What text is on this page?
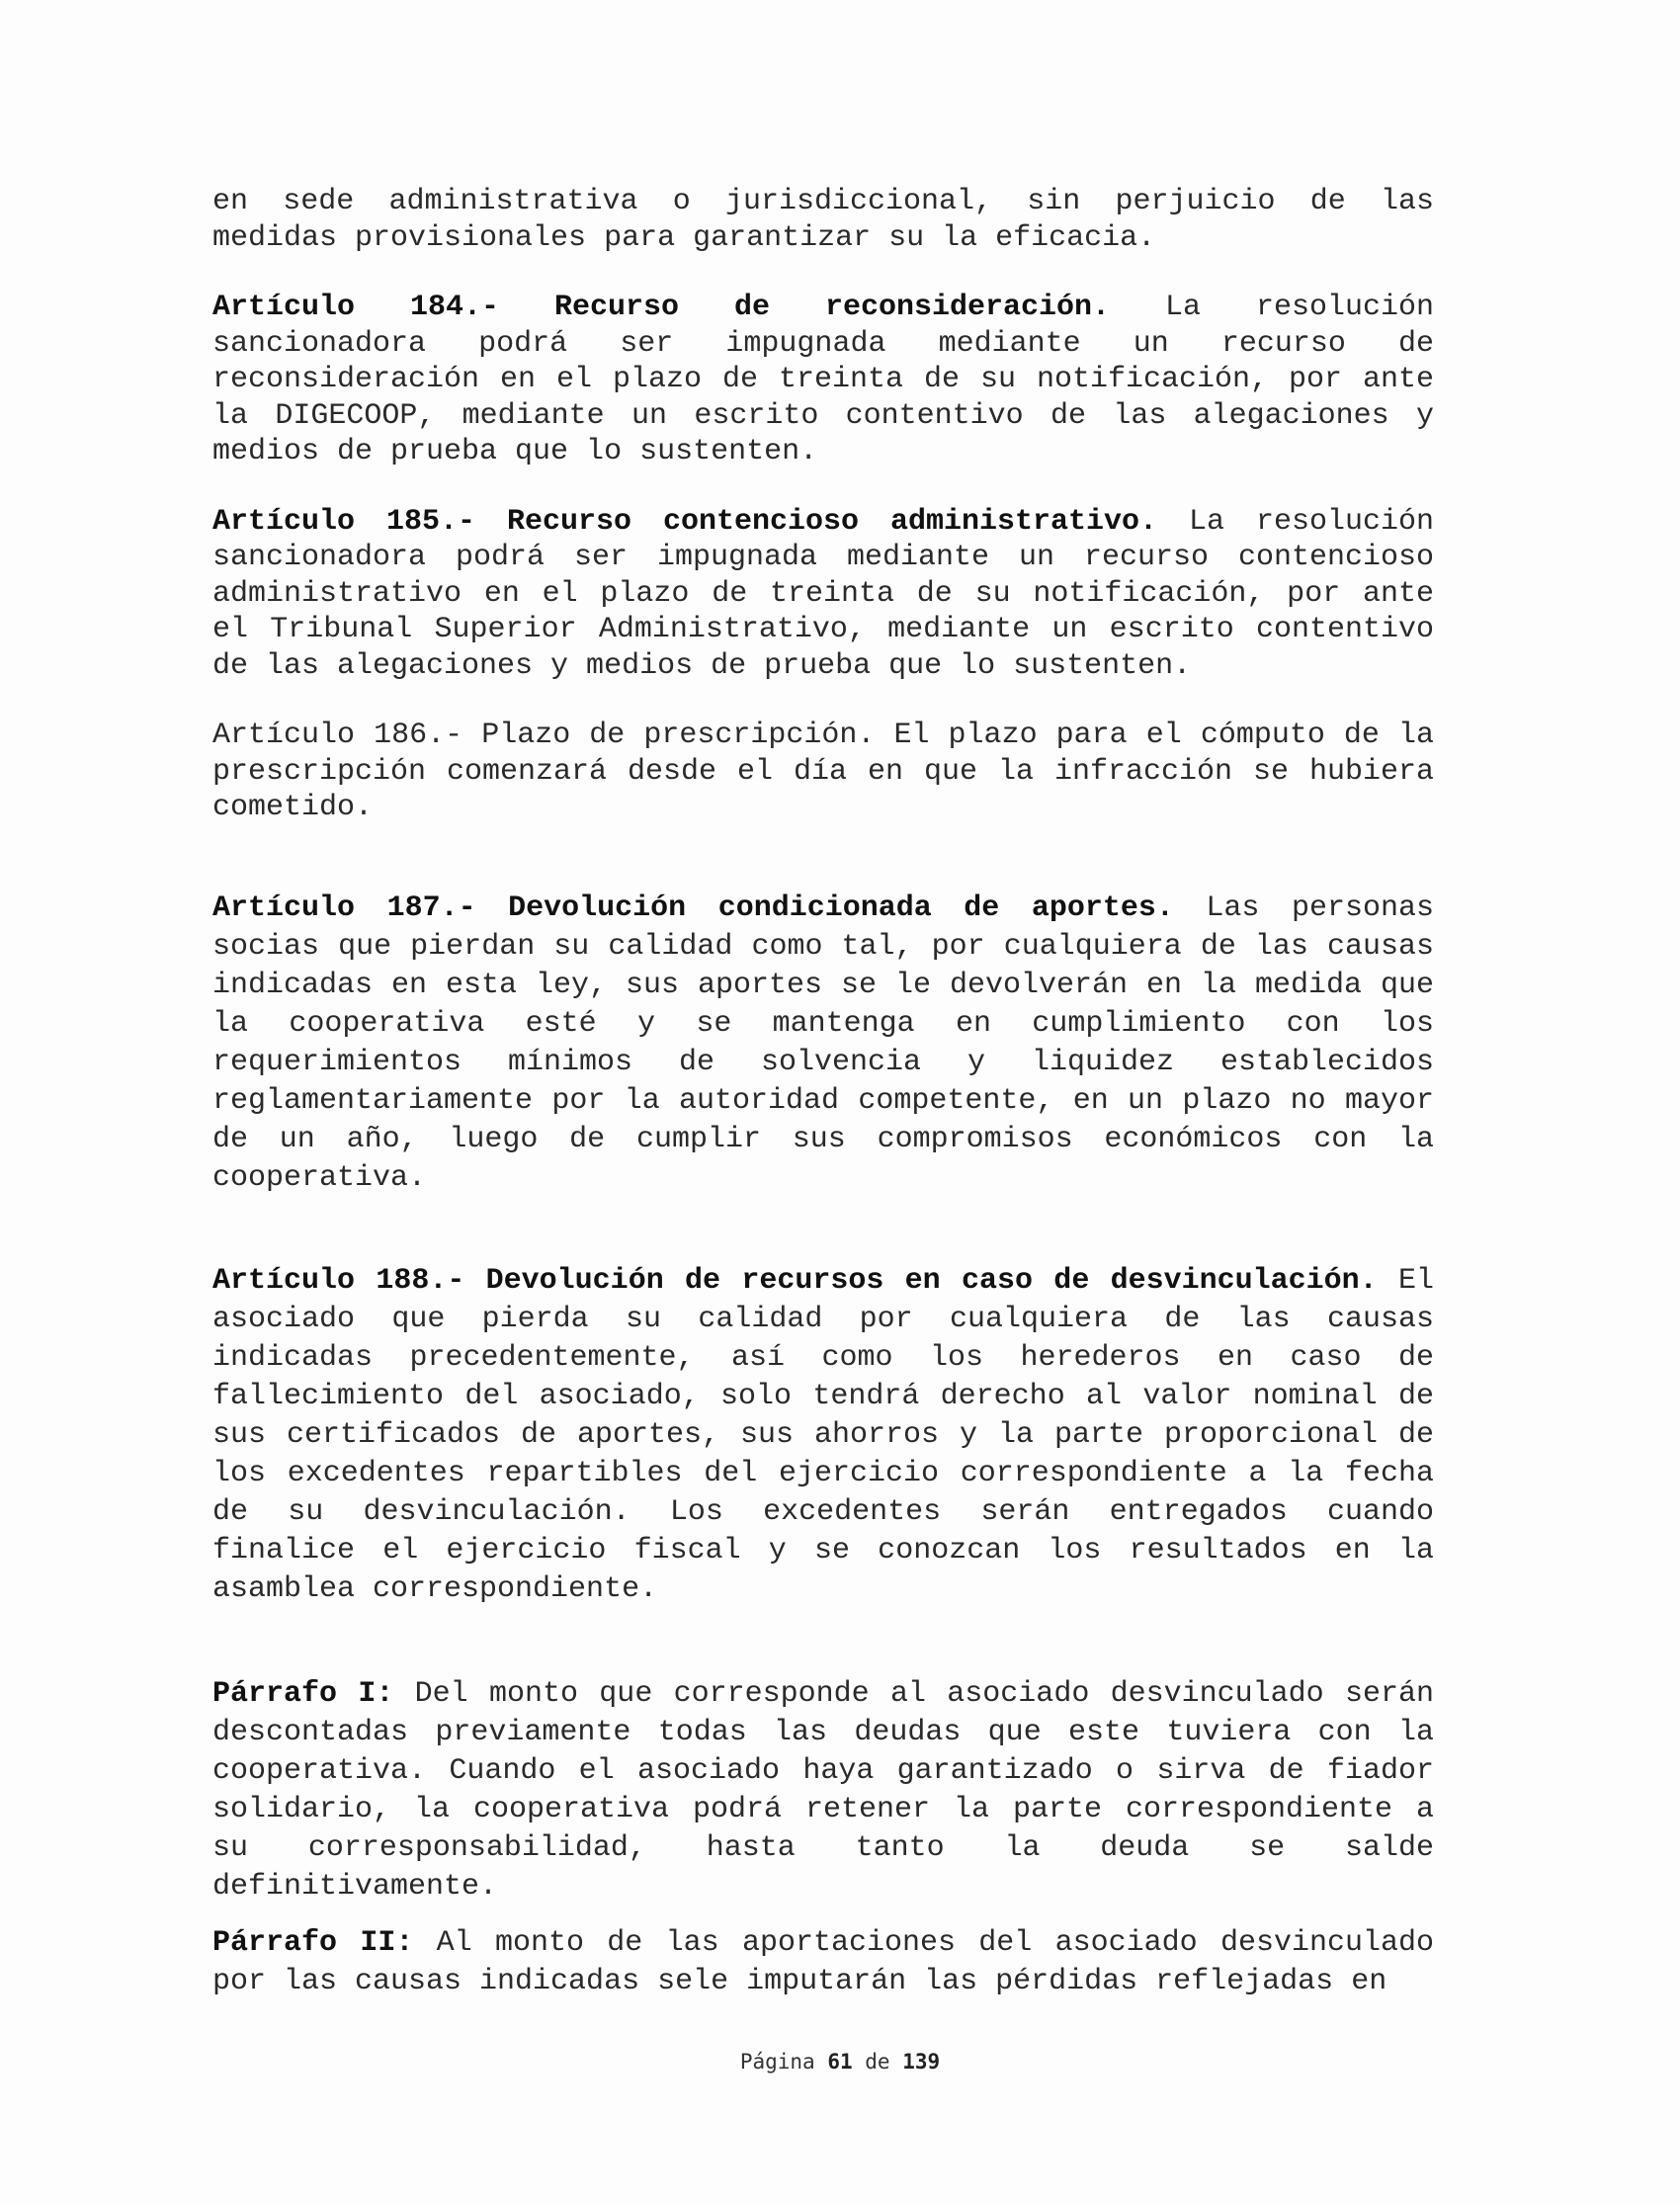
en sede administrativa o jurisdiccional, sin perjuicio de las medidas provisionales para garantizar su la eficacia.

Artículo 184.- Recurso de reconsideración. La resolución sancionadora podrá ser impugnada mediante un recurso de reconsideración en el plazo de treinta de su notificación, por ante la DIGECOOP, mediante un escrito contentivo de las alegaciones y medios de prueba que lo sustenten.

Artículo 185.- Recurso contencioso administrativo. La resolución sancionadora podrá ser impugnada mediante un recurso contencioso administrativo en el plazo de treinta de su notificación, por ante el Tribunal Superior Administrativo, mediante un escrito contentivo de las alegaciones y medios de prueba que lo sustenten.

Artículo 186.- Plazo de prescripción. El plazo para el cómputo de la prescripción comenzará desde el día en que la infracción se hubiera cometido.

Artículo 187.- Devolución condicionada de aportes. Las personas socias que pierdan su calidad como tal, por cualquiera de las causas indicadas en esta ley, sus aportes se le devolverán en la medida que la cooperativa esté y se mantenga en cumplimiento con los requerimientos mínimos de solvencia y liquidez establecidos reglamentariamente por la autoridad competente, en un plazo no mayor de un año, luego de cumplir sus compromisos económicos con la cooperativa.

Artículo 188.- Devolución de recursos en caso de desvinculación. El asociado que pierda su calidad por cualquiera de las causas indicadas precedentemente, así como los herederos en caso de fallecimiento del asociado, solo tendrá derecho al valor nominal de sus certificados de aportes, sus ahorros y la parte proporcional de los excedentes repartibles del ejercicio correspondiente a la fecha de su desvinculación. Los excedentes serán entregados cuando finalice el ejercicio fiscal y se conozcan los resultados en la asamblea correspondiente.

Párrafo I: Del monto que corresponde al asociado desvinculado serán descontadas previamente todas las deudas que este tuviera con la cooperativa. Cuando el asociado haya garantizado o sirva de fiador solidario, la cooperativa podrá retener la parte correspondiente a su corresponsabilidad, hasta tanto la deuda se salde definitivamente.

Párrafo II: Al monto de las aportaciones del asociado desvinculado por las causas indicadas sele imputarán las pérdidas reflejadas en

Página 61 de 139
